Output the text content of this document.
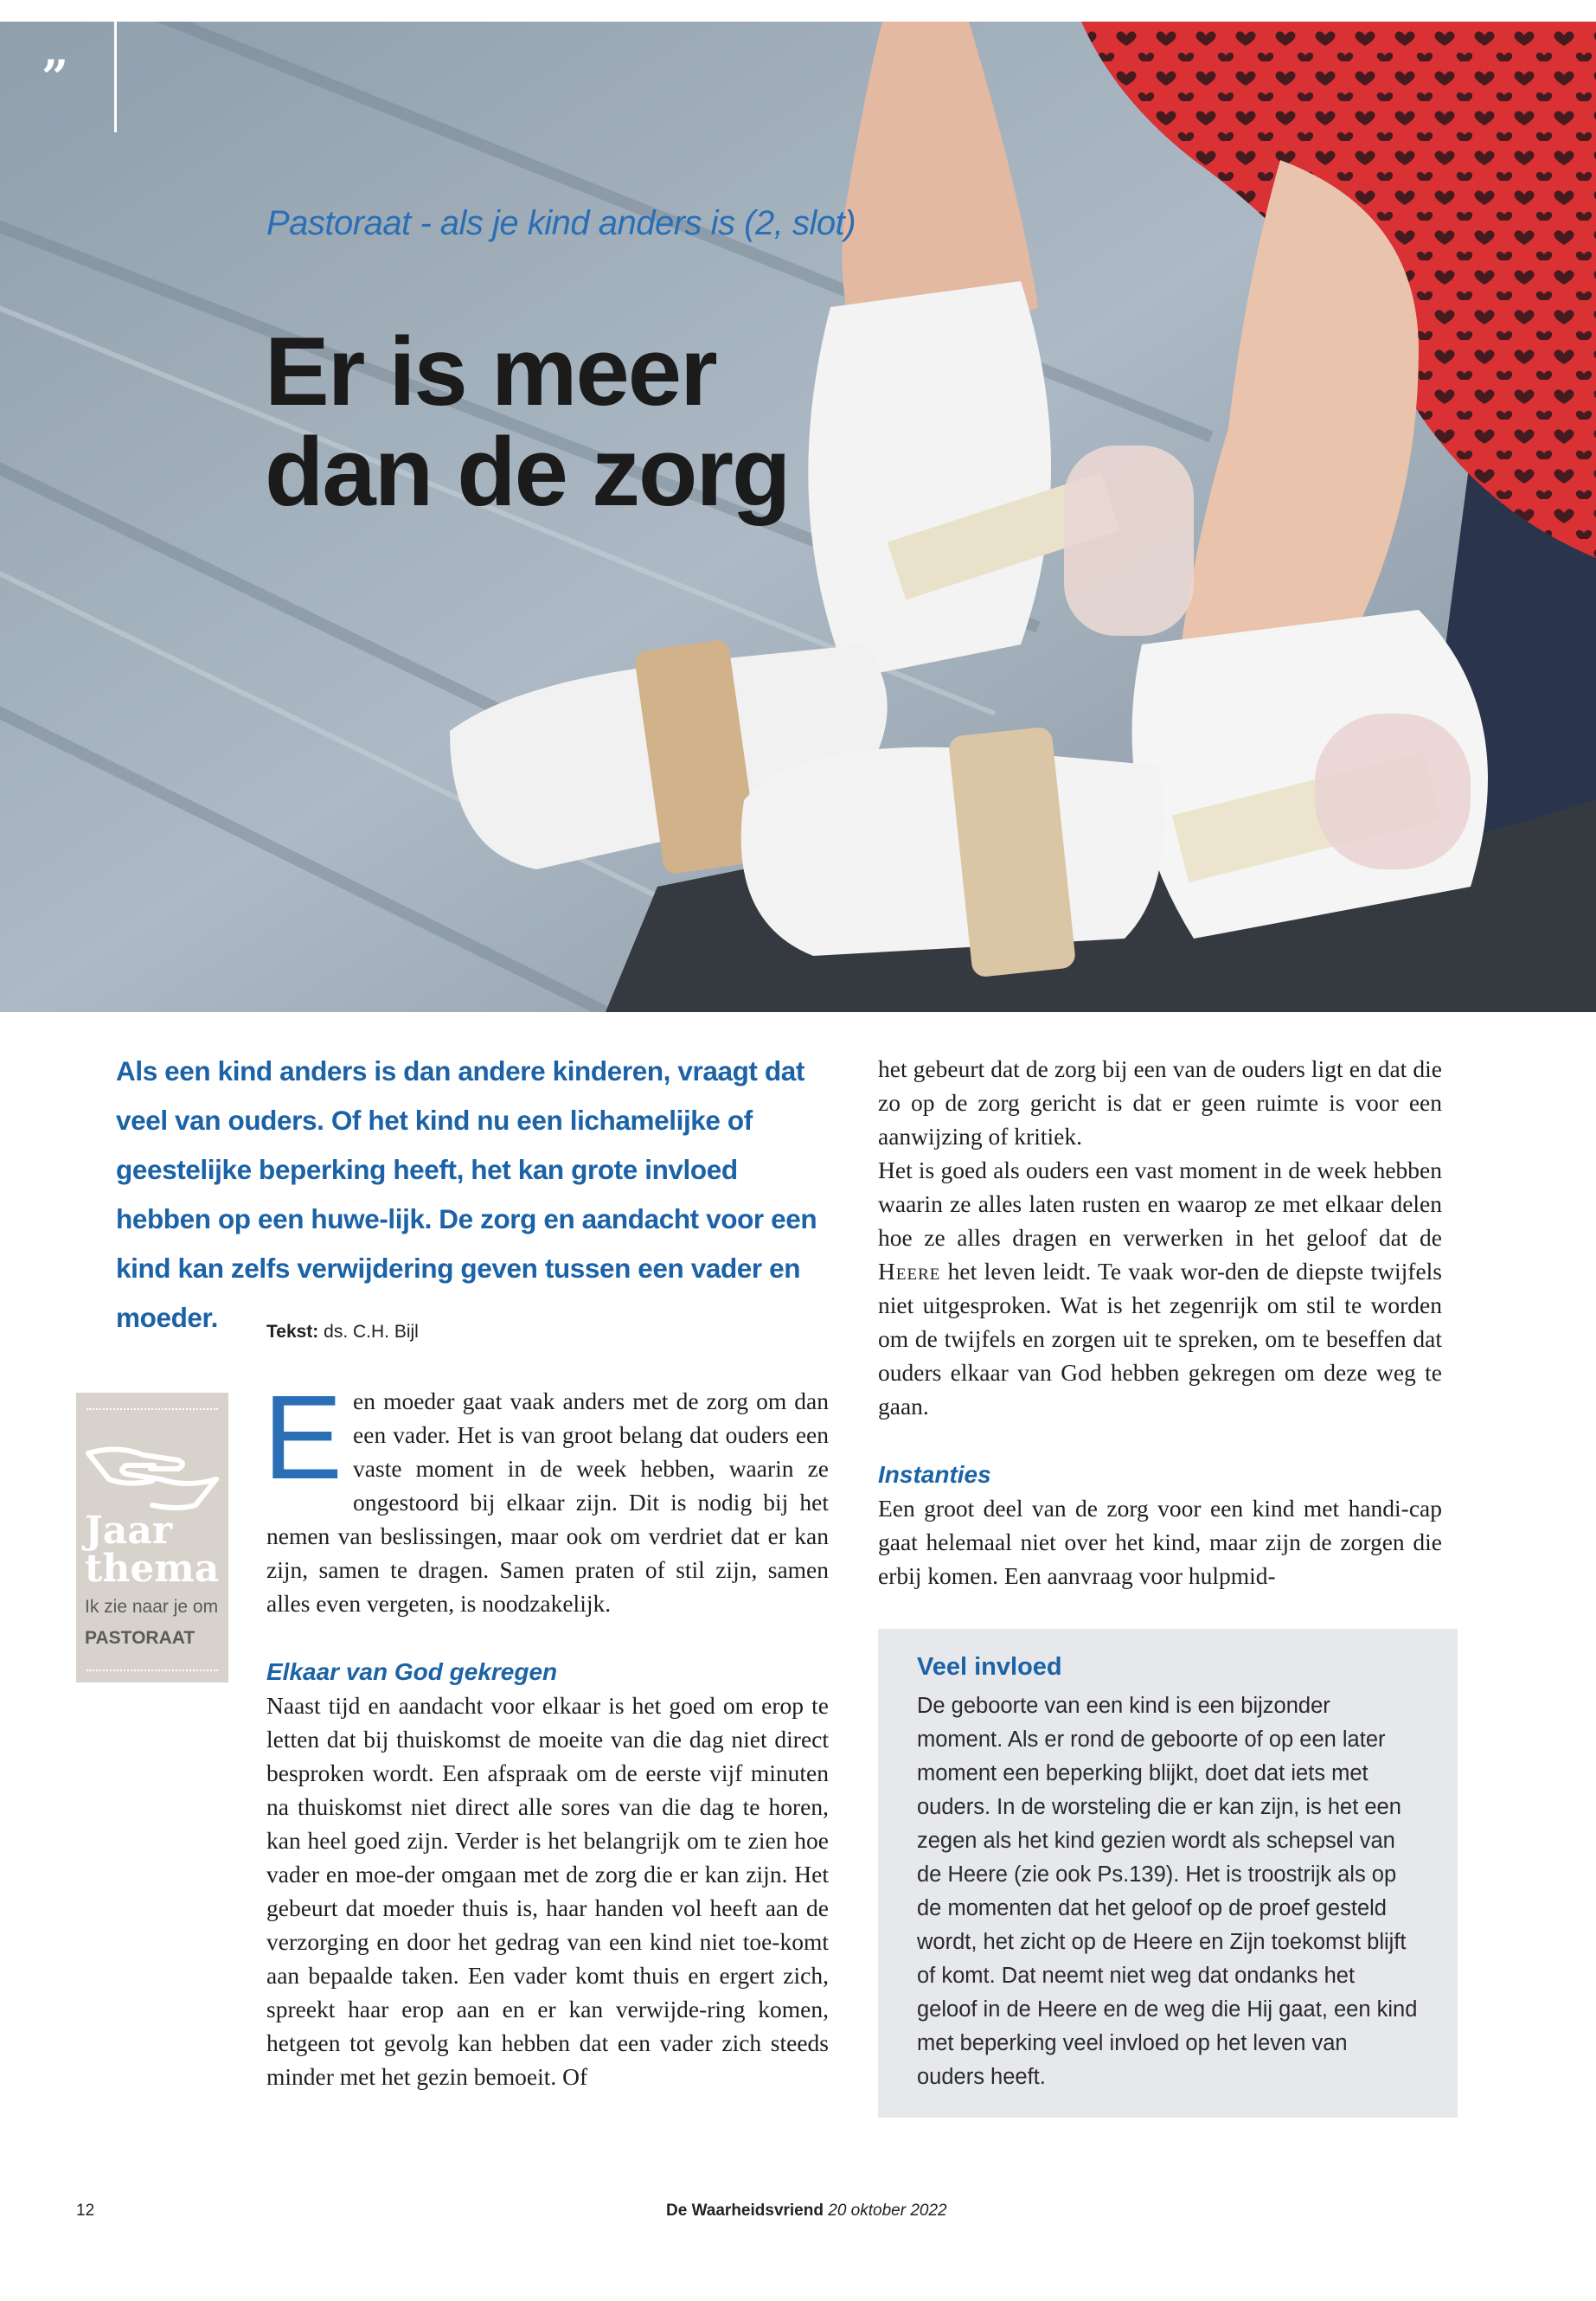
”
Pastoraat - als je kind anders is (2, slot)
Er is meer
dan de zorg
Als een kind anders is dan andere kinderen, vraagt dat veel van ouders. Of het kind nu een lichamelijke of geestelijke beperking heeft, het kan grote invloed hebben op een huwe-lijk. De zorg en aandacht voor een kind kan zelfs verwijdering geven tussen een vader en moeder.	Tekst: ds. C.H. Bijl
Jaar
thema
Ik zie naar je om
PASTORAAT

Een moeder gaat vaak anders met de zorg om dan een vader. Het is van groot belang dat ouders een vaste moment in de week hebben, waarin ze ongestoord bij elkaar zijn. Dit is nodig bij het nemen van beslissingen, maar ook om verdriet dat er kan zijn, samen te dragen. Samen praten of stil zijn, samen alles even vergeten, is noodzakelijk.

Elkaar van God gekregen

Naast tijd en aandacht voor elkaar is het goed om erop te letten dat bij thuiskomst de moeite van die dag niet direct besproken wordt. Een afspraak om de eerste vijf minuten na thuiskomst niet direct alle sores van die dag te horen, kan heel goed zijn. Verder is het belangrijk om te zien hoe vader en moe-der omgaan met de zorg die er kan zijn. Het gebeurt dat moeder thuis is, haar handen vol heeft aan de verzorging en door het gedrag van een kind niet toe-komt aan bepaalde taken. Een vader komt thuis en ergert zich, spreekt haar erop aan en er kan verwijde-ring komen, hetgeen tot gevolg kan hebben dat een vader zich steeds minder met het gezin bemoeit. Of

het gebeurt dat de zorg bij een van de ouders ligt en dat die zo op de zorg gericht is dat er geen ruimte is voor een aanwijzing of kritiek.

Het is goed als ouders een vast moment in de week hebben waarin ze alles laten rusten en waarop ze met elkaar delen hoe ze alles dragen en verwerken in het geloof dat de Heere het leven leidt. Te vaak wor-den de diepste twijfels niet uitgesproken. Wat is het zegenrijk om stil te worden om de twijfels en zorgen uit te spreken, om te beseffen dat ouders elkaar van God hebben gekregen om deze weg te gaan.

Instanties

Een groot deel van de zorg voor een kind met handi-cap gaat helemaal niet over het kind, maar zijn de zorgen die erbij komen. Een aanvraag voor hulpmid-

Veel invloed
De geboorte van een kind is een bijzonder moment. Als er rond de geboorte of op een later moment een beperking blijkt, doet dat iets met ouders. In de worsteling die er kan zijn, is het een zegen als het kind gezien wordt als schepsel van de Heere (zie ook Ps.139). Het is troostrijk als op de momenten dat het geloof op de proef gesteld wordt, het zicht op de Heere en Zijn toekomst blijft of komt. Dat neemt niet weg dat ondanks het geloof in de Heere en de weg die Hij gaat, een kind met beperking veel invloed op het leven van ouders heeft.
12	De Waarheidsvriend 20 oktober 2022
